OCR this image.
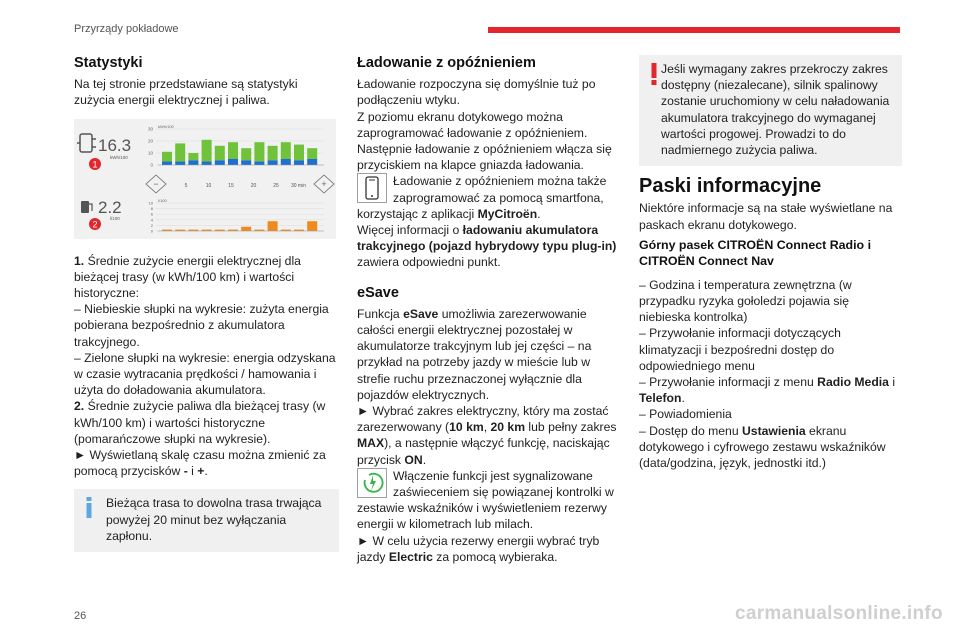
Przyrządy pokładowe
Statystyki

Na tej stronie przedstawiane są statystyki zużycia energii elektrycznej i paliwa.

16.3
kWh/100
1
kWh/100
30
20
10
0
−	5	10	15	20	25 30 min +
2.2
l/100
2
l/100
10
8
6
4
2
0

1. Średnie zużycie energii elektrycznej dla bieżącej trasy (w kWh/100 km) i wartości historyczne:

– Niebieskie słupki na wykresie: zużyta energia pobierana bezpośrednio z akumulatora trakcyjnego.

– Zielone słupki na wykresie: energia odzyskana w czasie wytracania prędkości / hamowania i użyta do doładowania akumulatora.

2. Średnie zużycie paliwa dla bieżącej trasy (w kWh/100 km) i wartości historyczne (pomarańczowe słupki na wykresie).

► Wyświetlaną skalę czasu można zmienić za pomocą przycisków - i +.

Bieżąca trasa to dowolna trasa trwająca powyżej 20 minut bez wyłączania zapłonu.

Ładowanie z opóźnieniem

Ładowanie rozpoczyna się domyślnie tuż po podłączeniu wtyku.

Z poziomu ekranu dotykowego można zaprogramować ładowanie z opóźnieniem.

Następnie ładowanie z opóźnieniem włącza się przyciskiem na klapce gniazda ładowania.

Ładowanie z opóźnieniem można także zaprogramować za pomocą smartfona, korzystając z aplikacji MyCitroën.

Więcej informacji o ładowaniu akumulatora trakcyjnego (pojazd hybrydowy typu plug-in) zawiera odpowiedni punkt.

eSave

Funkcja eSave umożliwia zarezerwowanie całości energii elektrycznej pozostałej w akumulatorze trakcyjnym lub jej części – na przykład na potrzeby jazdy w mieście lub w strefie ruchu przeznaczonej wyłącznie dla pojazdów elektrycznych.

► Wybrać zakres elektryczny, który ma zostać zarezerwowany (10 km, 20 km lub pełny zakres MAX), a następnie włączyć funkcję, naciskając przycisk ON.

Włączenie funkcji jest sygnalizowane zaświeceniem się powiązanej kontrolki w zestawie wskaźników i wyświetleniem rezerwy energii w kilometrach lub milach.

► W celu użycia rezerwy energii wybrać tryb jazdy Electric za pomocą wybieraka.

Jeśli wymagany zakres przekroczy zakres dostępny (niezalecane), silnik spalinowy zostanie uruchomiony w celu naładowania akumulatora trakcyjnego do wymaganej wartości progowej. Prowadzi to do nadmiernego zużycia paliwa.

Paski informacyjne

Niektóre informacje są na stałe wyświetlane na paskach ekranu dotykowego.

Górny pasek CITROËN Connect Radio i CITROËN Connect Nav

– Godzina i temperatura zewnętrzna (w przypadku ryzyka gołoledzi pojawia się niebieska kontrolka)

– Przywołanie informacji dotyczących klimatyzacji i bezpośredni dostęp do odpowiedniego menu

– Przywołanie informacji z menu Radio Media i Telefon.

– Powiadomienia

– Dostęp do menu Ustawienia ekranu dotykowego i cyfrowego zestawu wskaźników (data/godzina, język, jednostki itd.)

26	carmanualsonline.info
